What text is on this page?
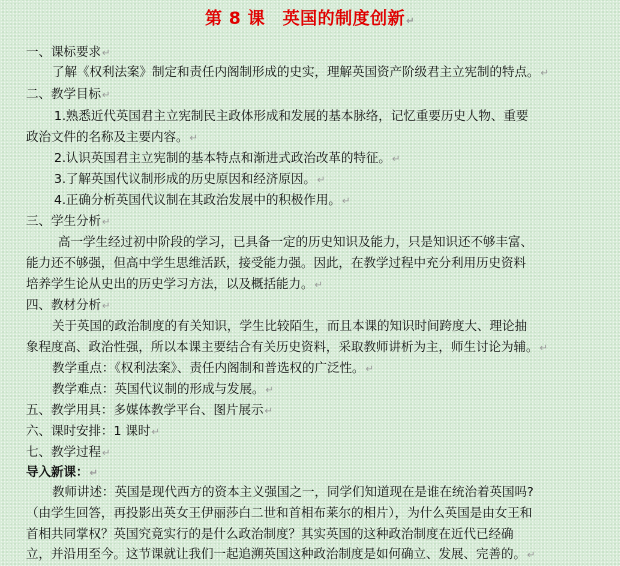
第 8 课　英国的制度创新↵
一、课标要求↵
了解《权利法案》制定和责任内阁制形成的史实，理解英国资产阶级君主立宪制的特点。↵
二、教学目标↵
1.熟悉近代英国君主立宪制民主政体形成和发展的基本脉络，记忆重要历史人物、重要
政治文件的名称及主要内容。↵
2.认识英国君主立宪制的基本特点和渐进式政治改革的特征。↵
3.了解英国代议制形成的历史原因和经济原因。↵
4.正确分析英国代议制在其政治发展中的积极作用。↵
三、学生分析↵
高一学生经过初中阶段的学习，已具备一定的历史知识及能力，只是知识还不够丰富、
能力还不够强，但高中学生思维活跃，接受能力强。因此，在教学过程中充分利用历史资料
培养学生论从史出的历史学习方法，以及概括能力。↵
四、教材分析↵
关于英国的政治制度的有关知识，学生比较陌生，而且本课的知识时间跨度大、理论抽
象程度高、政治性强，所以本课主要结合有关历史资料，采取教师讲析为主，师生讨论为辅。↵
教学重点：《权利法案》、责任内阁制和普选权的广泛性。↵
教学难点：英国代议制的形成与发展。↵
五、教学用具：多媒体教学平台、图片展示↵
六、课时安排：1 课时↵
七、教学过程↵
导入新课：↵
教师讲述：英国是现代西方的资本主义强国之一，同学们知道现在是谁在统治着英国吗?
（由学生回答，再投影出英女王伊丽莎白二世和首相布莱尔的相片），为什么英国是由女王和
首相共同掌权？英国究竟实行的是什么政治制度？其实英国的这种政治制度在近代已经确
立，并沿用至今。这节课就让我们一起追溯英国这种政治制度是如何确立、发展、完善的。↵
